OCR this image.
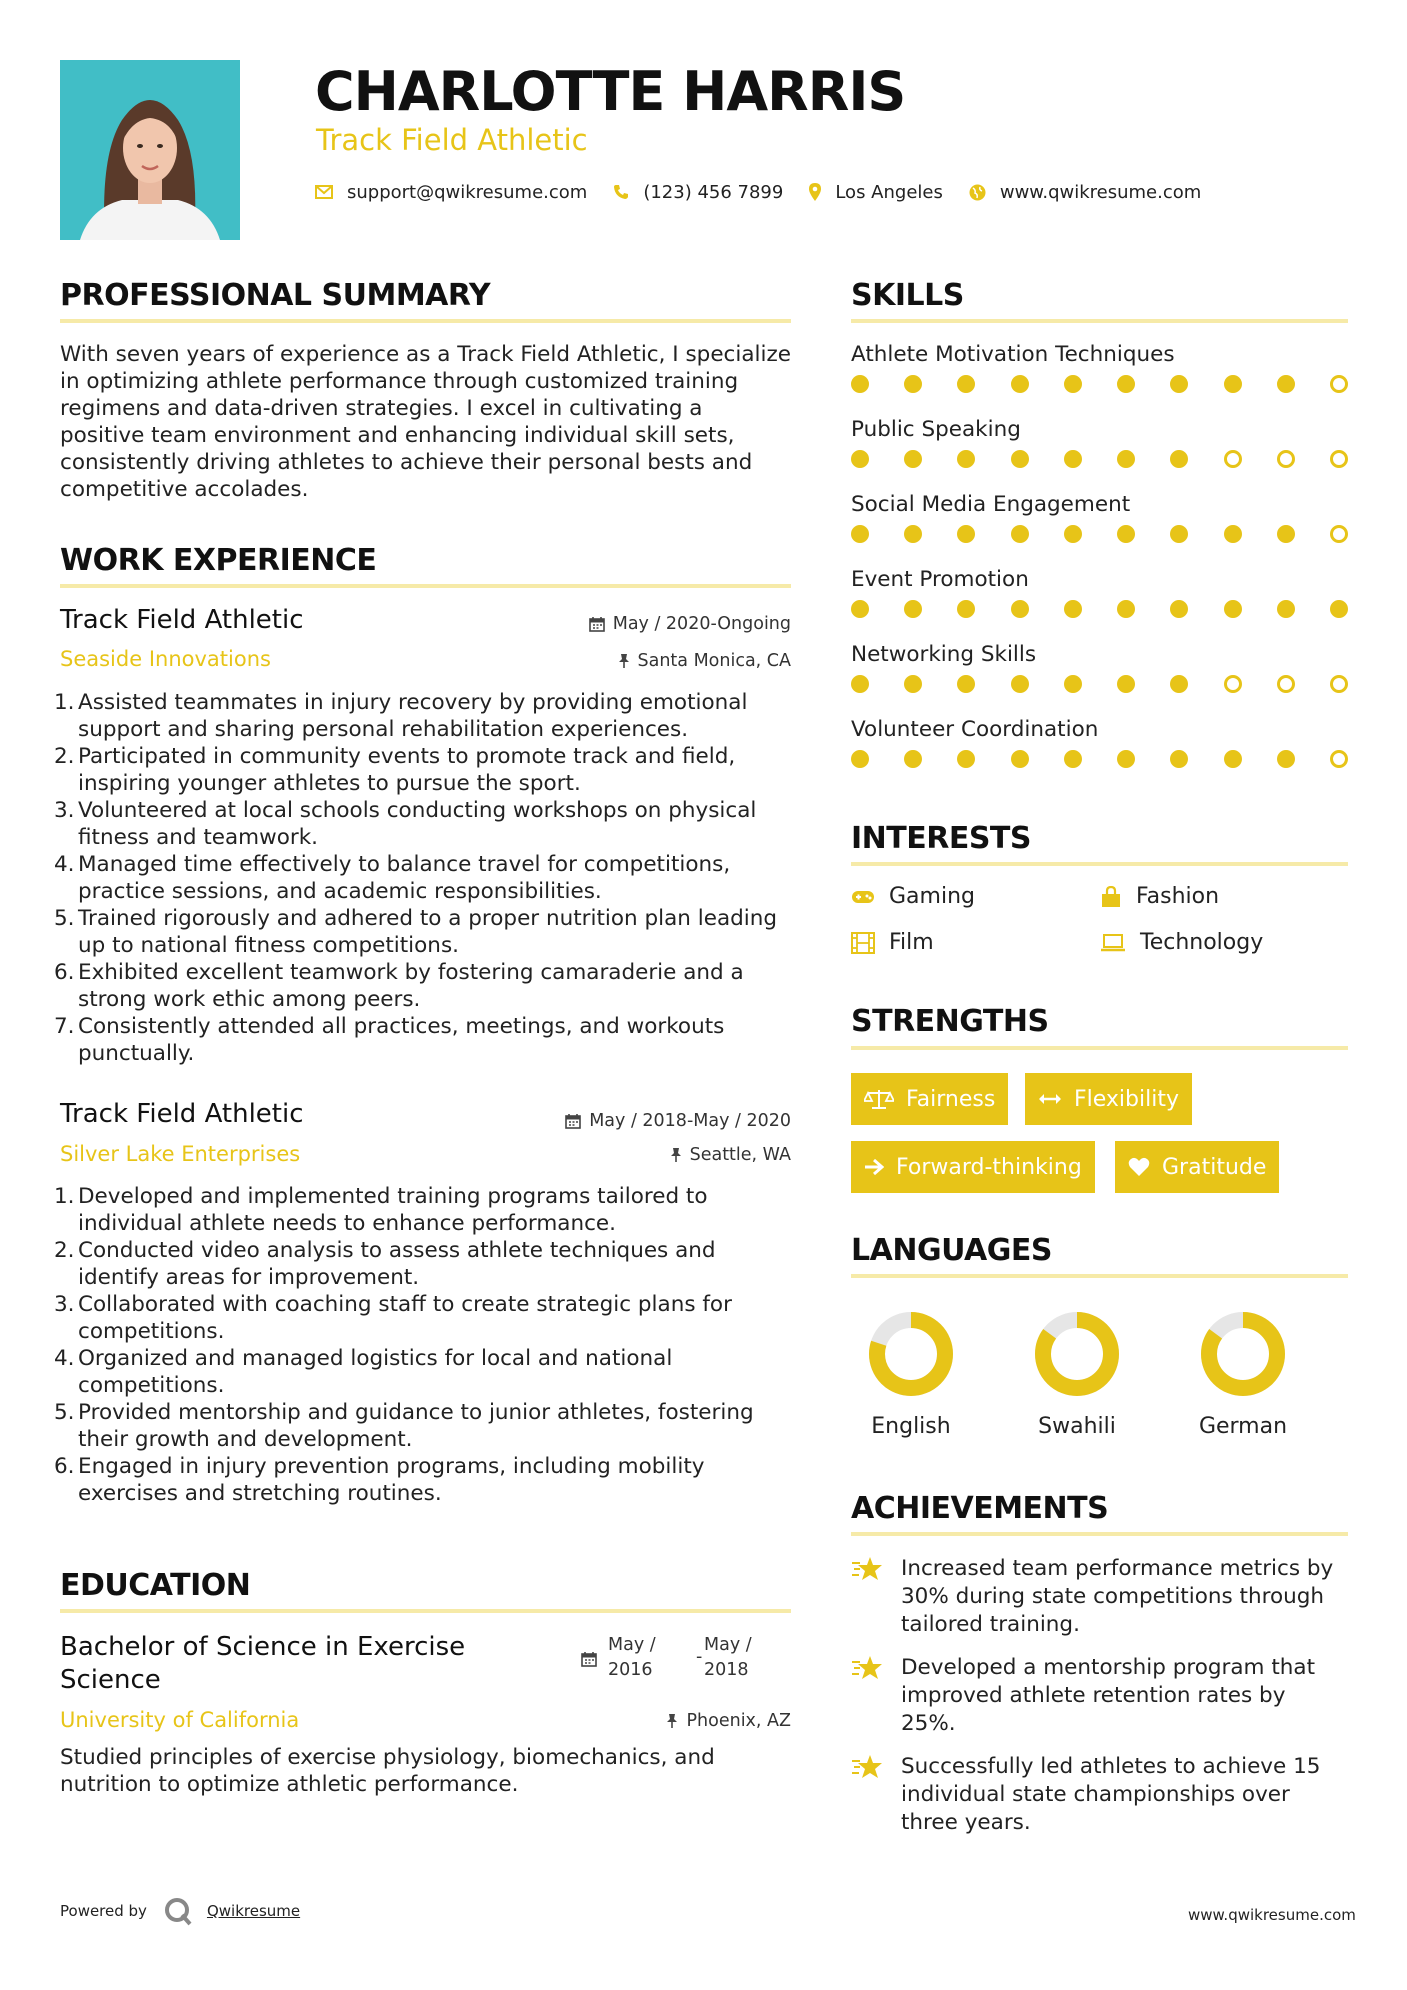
CHARLOTTE HARRIS
Track Field Athletic
support@qwikresume.com	(123) 456 7899	Los Angeles	www.qwikresume.com
PROFESSIONAL SUMMARY
With seven years of experience as a Track Field Athletic, I specialize in optimizing athlete performance through customized training regimens and data-driven strategies. I excel in cultivating a positive team environment and enhancing individual skill sets, consistently driving athletes to achieve their personal bests and competitive accolades.
WORK EXPERIENCE
Track Field Athletic	May / 2020-Ongoing
Seaside Innovations	Santa Monica, CA
1. Assisted teammates in injury recovery by providing emotional support and sharing personal rehabilitation experiences.
2. Participated in community events to promote track and field, inspiring younger athletes to pursue the sport.
3. Volunteered at local schools conducting workshops on physical fitness and teamwork.
4. Managed time effectively to balance travel for competitions, practice sessions, and academic responsibilities.
5. Trained rigorously and adhered to a proper nutrition plan leading up to national fitness competitions.
6. Exhibited excellent teamwork by fostering camaraderie and a strong work ethic among peers.
7. Consistently attended all practices, meetings, and workouts punctually.
Track Field Athletic	May / 2018-May / 2020
Silver Lake Enterprises	Seattle, WA
1. Developed and implemented training programs tailored to individual athlete needs to enhance performance.
2. Conducted video analysis to assess athlete techniques and identify areas for improvement.
3. Collaborated with coaching staff to create strategic plans for competitions.
4. Organized and managed logistics for local and national competitions.
5. Provided mentorship and guidance to junior athletes, fostering their growth and development.
6. Engaged in injury prevention programs, including mobility exercises and stretching routines.
EDUCATION
Bachelor of Science in Exercise Science
May /
2016
-
May /
2018
University of California	Phoenix, AZ
Studied principles of exercise physiology, biomechanics, and nutrition to optimize athletic performance.
SKILLS
Athlete Motivation Techniques
Public Speaking
Social Media Engagement
Event Promotion
Networking Skills
Volunteer Coordination
INTERESTS
Gaming	Fashion
Film	Technology
STRENGTHS
Fairness	Flexibility
Forward-thinking	Gratitude
LANGUAGES
English	Swahili	German
ACHIEVEMENTS
Increased team performance metrics by 30% during state competitions through tailored training.
Developed a mentorship program that improved athlete retention rates by 25%.
Successfully led athletes to achieve 15 individual state championships over three years.
Powered by	Qwikresume	www.qwikresume.com
